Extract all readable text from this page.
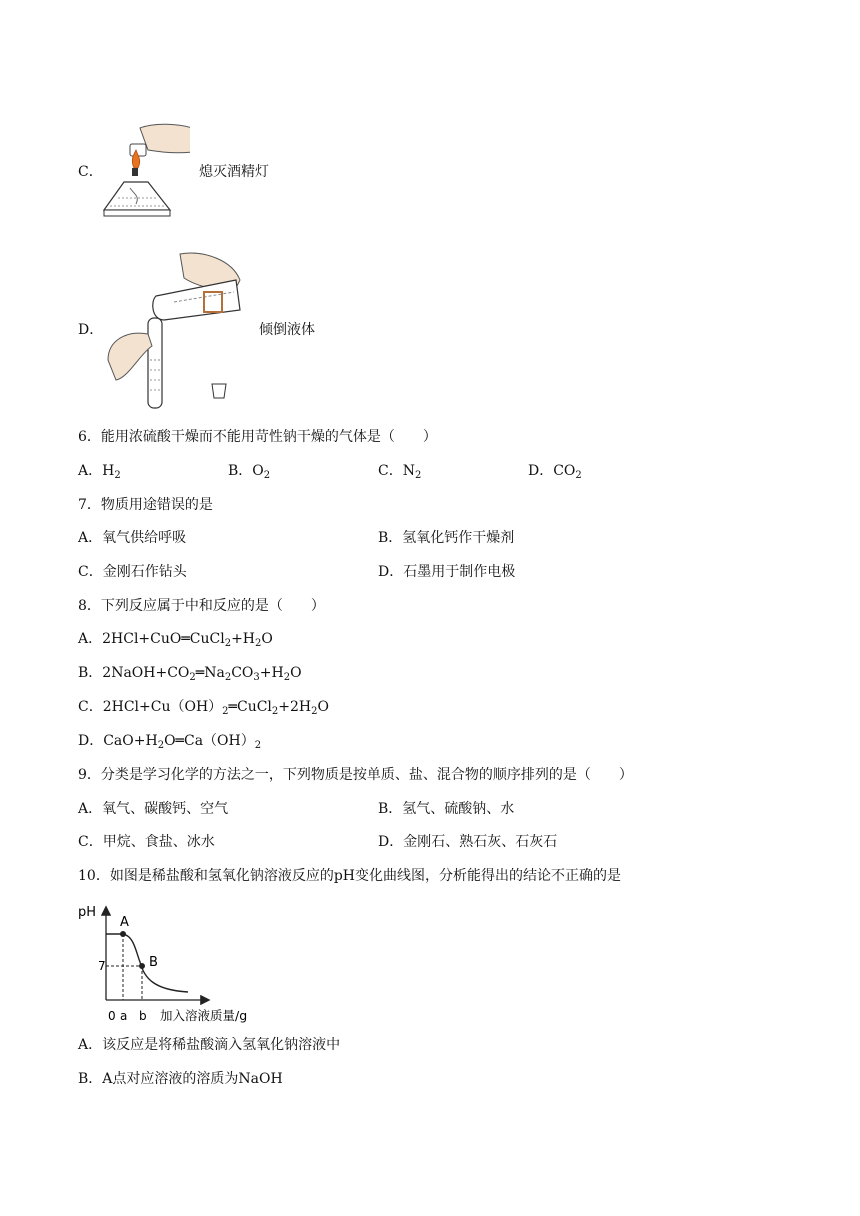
C．	熄灭酒精灯
D．	倾倒液体
6．能用浓硫酸干燥而不能用苛性钠干燥的气体是（　　）
A．$H_2$	B．$O_2$	C．$N_2$	D．$CO_2$
7．物质用途错误的是
A．氧气供给呼吸	B．氢氧化钙作干燥剂
C．金刚石作钻头	D．石墨用于制作电极
8．下列反应属于中和反应的是（　　）
A．$2HCl+CuO═CuCl_2+H_2O$
B．$2NaOH+CO_2═Na_2CO_3+H_2O$
C．$2HCl+Cu(OH)_2═CuCl_2+2H_2O$
D．$CaO+H_2O═Ca(OH)_2$
9．分类是学习化学的方法之一，下列物质是按单质、盐、混合物的顺序排列的是（　　）
A．氧气、碳酸钙、空气	B．氢气、硫酸钠、水
C．甲烷、食盐、冰水	D．金刚石、熟石灰、石灰石
10．如图是稀盐酸和氢氧化钠溶液反应的pH变化曲线图，分析能得出的结论不正确的是
pH
7
A
B
0 a b 加入溶液质量/g
A．该反应是将稀盐酸滴入氢氧化钠溶液中
B．A点对应溶液的溶质为NaOH
